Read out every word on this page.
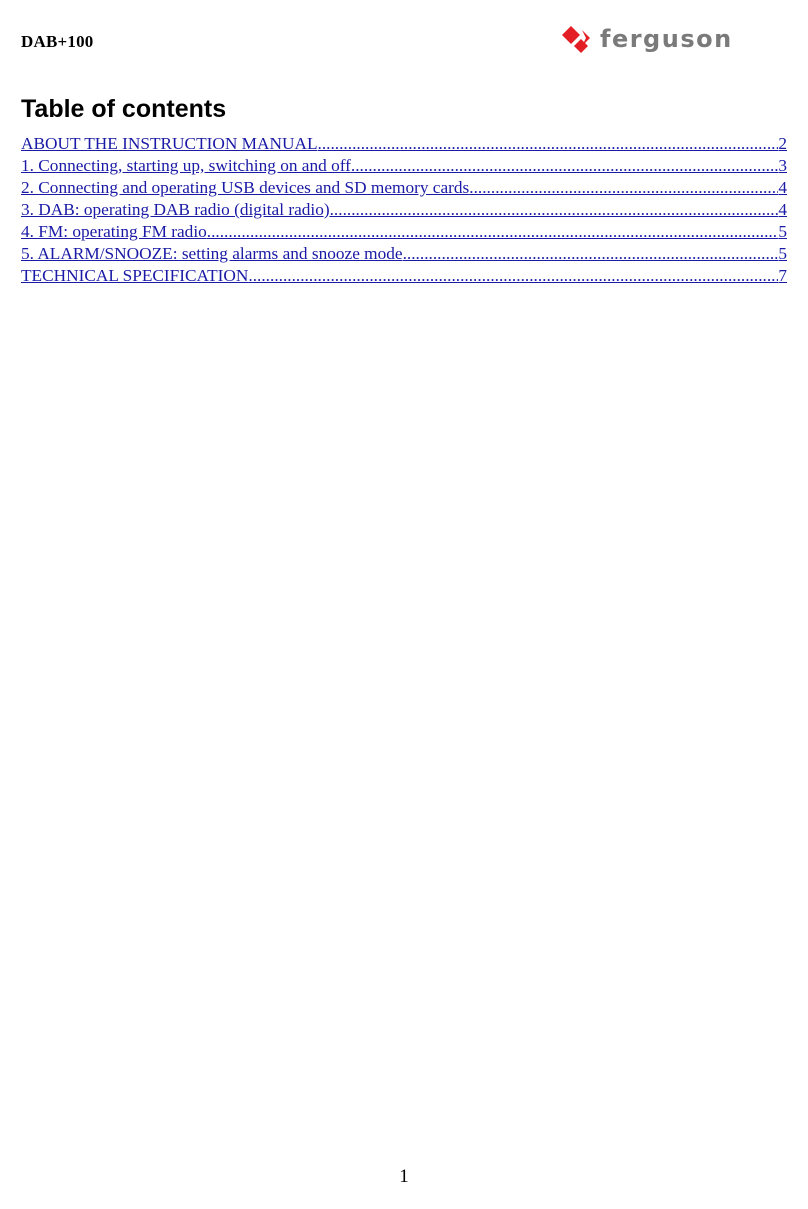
DAB+100	ferguson
Table of contents
ABOUT THE INSTRUCTION MANUAL .....	2
1. Connecting, starting up, switching on and off .....	3
2. Connecting and operating USB devices and SD memory cards .....	4
3. DAB: operating DAB radio (digital radio) .....	4
4. FM: operating FM radio .....	5
5. ALARM/SNOOZE: setting alarms and snooze mode .....	5
TECHNICAL SPECIFICATION .....	7
1
